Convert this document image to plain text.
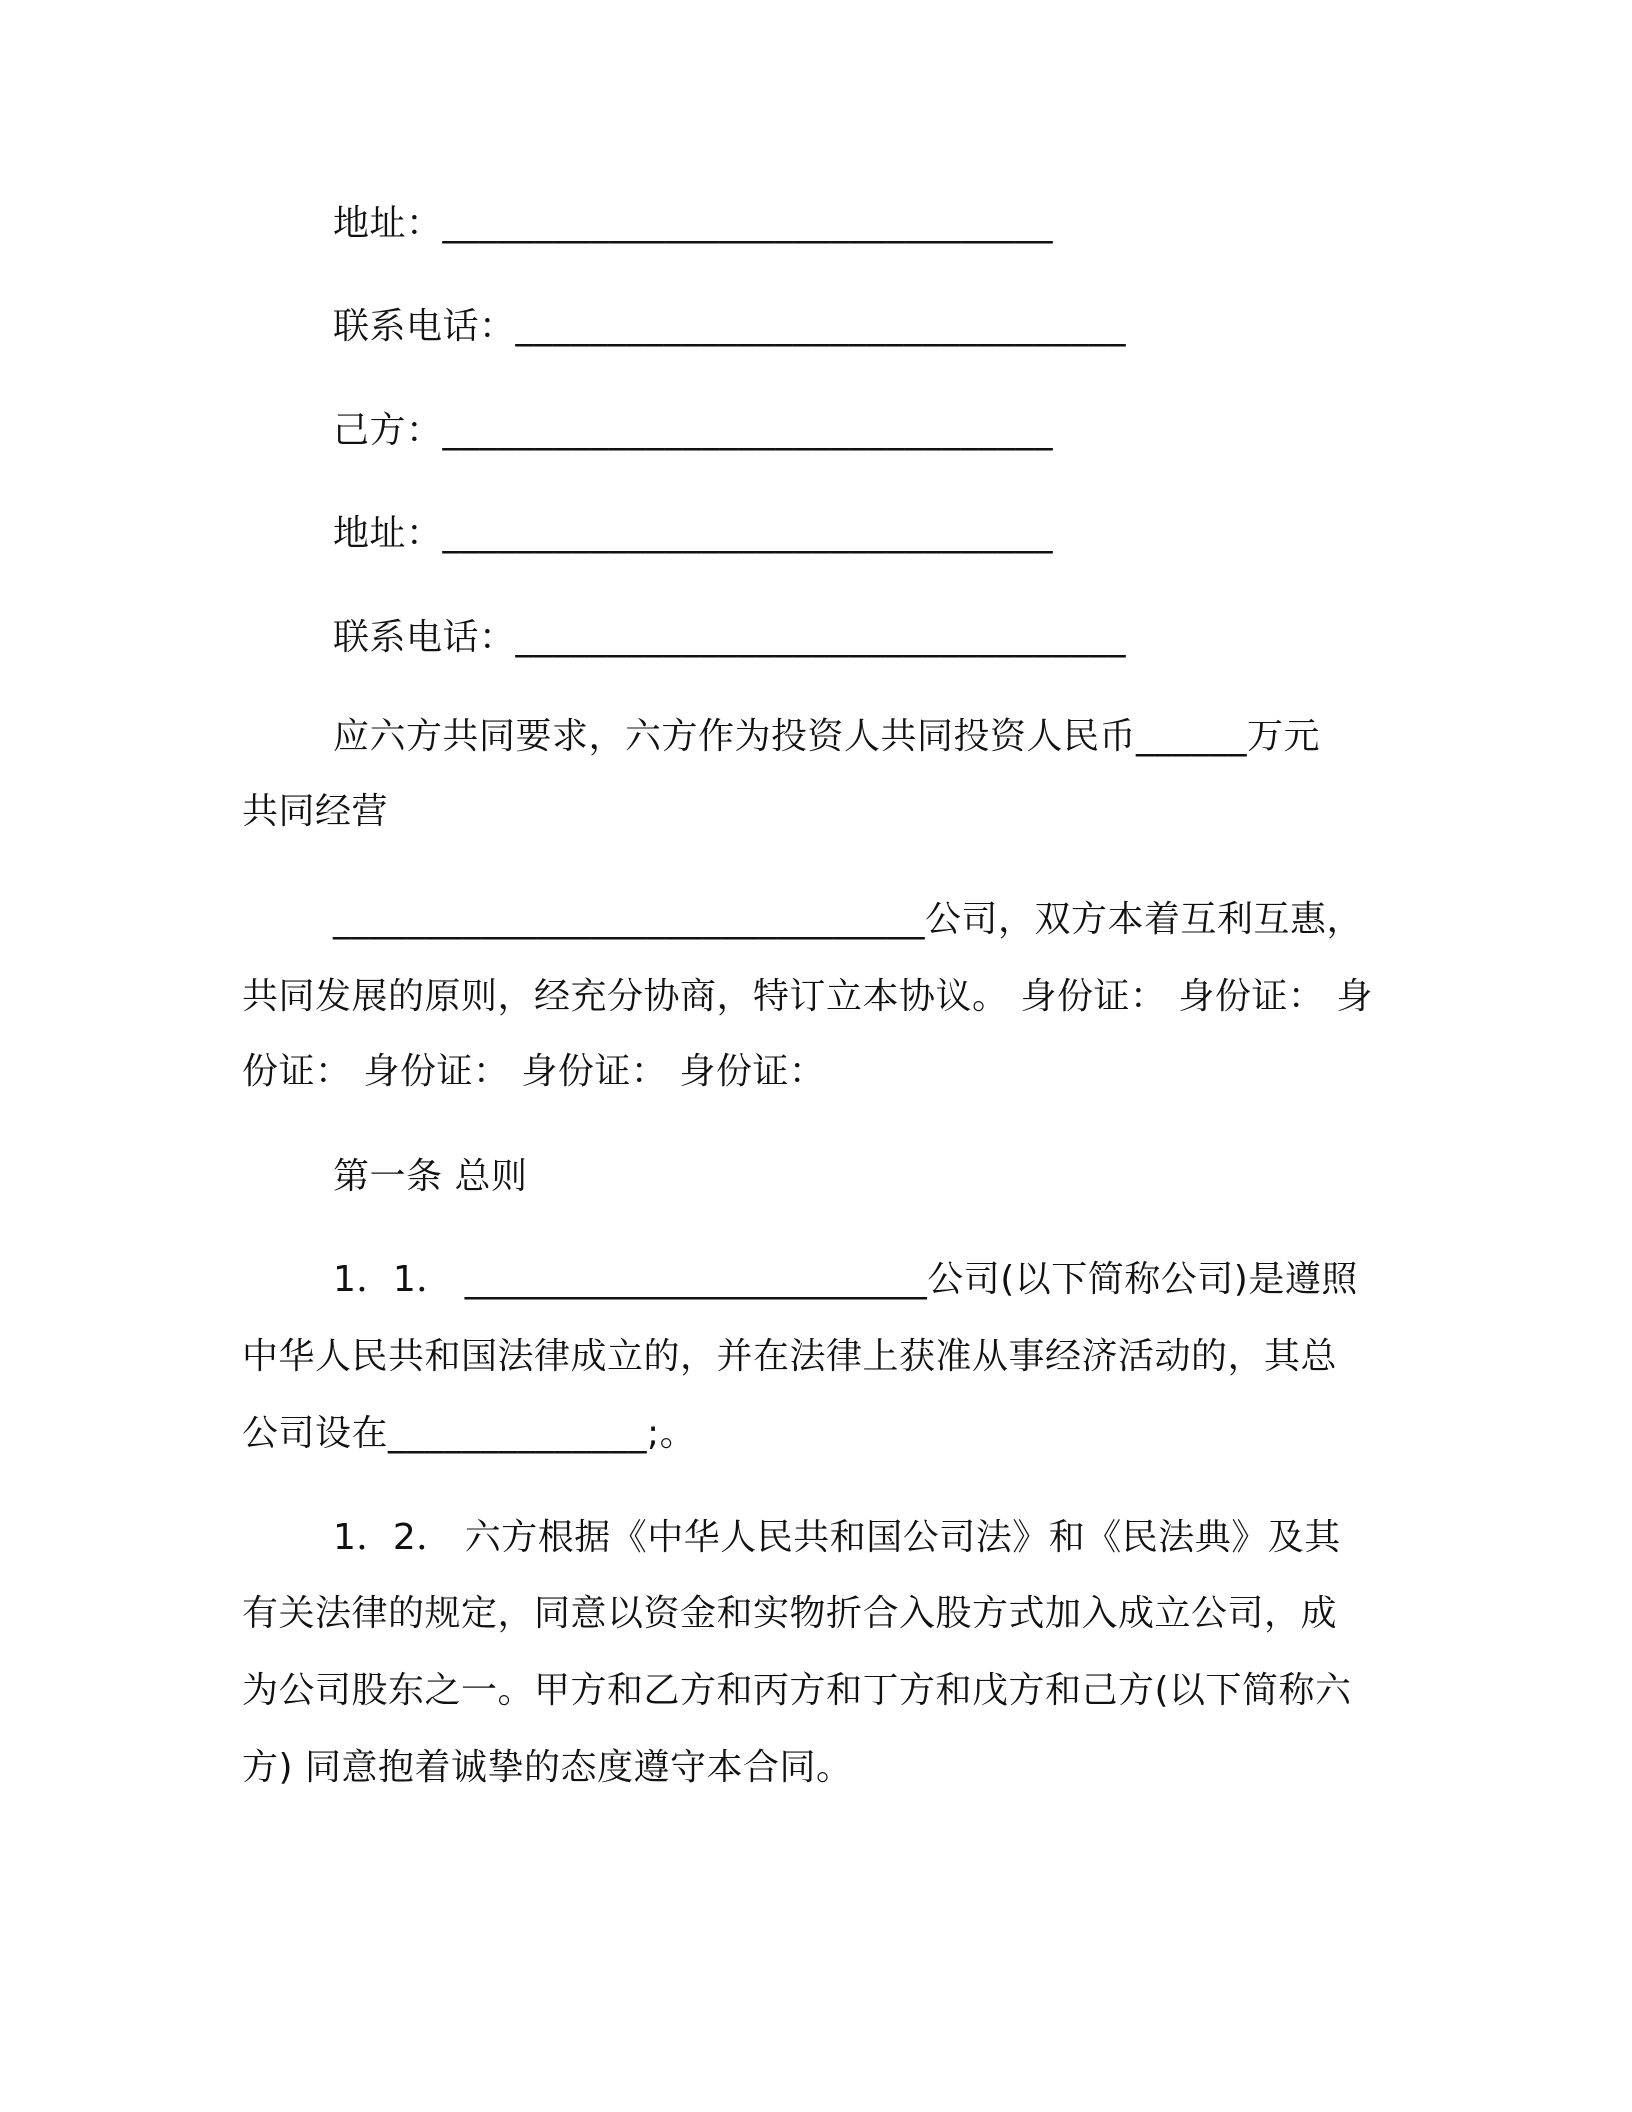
地址：_________________________________
联系电话：_________________________________
己方：_________________________________
地址：_________________________________
联系电话：_________________________________
应六方共同要求，六方作为投资人共同投资人民币______万元
共同经营
________________________________公司，双方本着互利互惠，
共同发展的原则，经充分协商，特订立本协议。 身份证： 身份证： 身
份证： 身份证： 身份证： 身份证：
第一条 总则
1．1． _________________________公司(以下简称公司)是遵照
中华人民共和国法律成立的，并在法律上获准从事经济活动的，其总
公司设在______________;。
1．2． 六方根据《中华人民共和国公司法》和《民法典》及其
有关法律的规定，同意以资金和实物折合入股方式加入成立公司，成
为公司股东之一。甲方和乙方和丙方和丁方和戊方和己方(以下简称六
方) 同意抱着诚挚的态度遵守本合同。
